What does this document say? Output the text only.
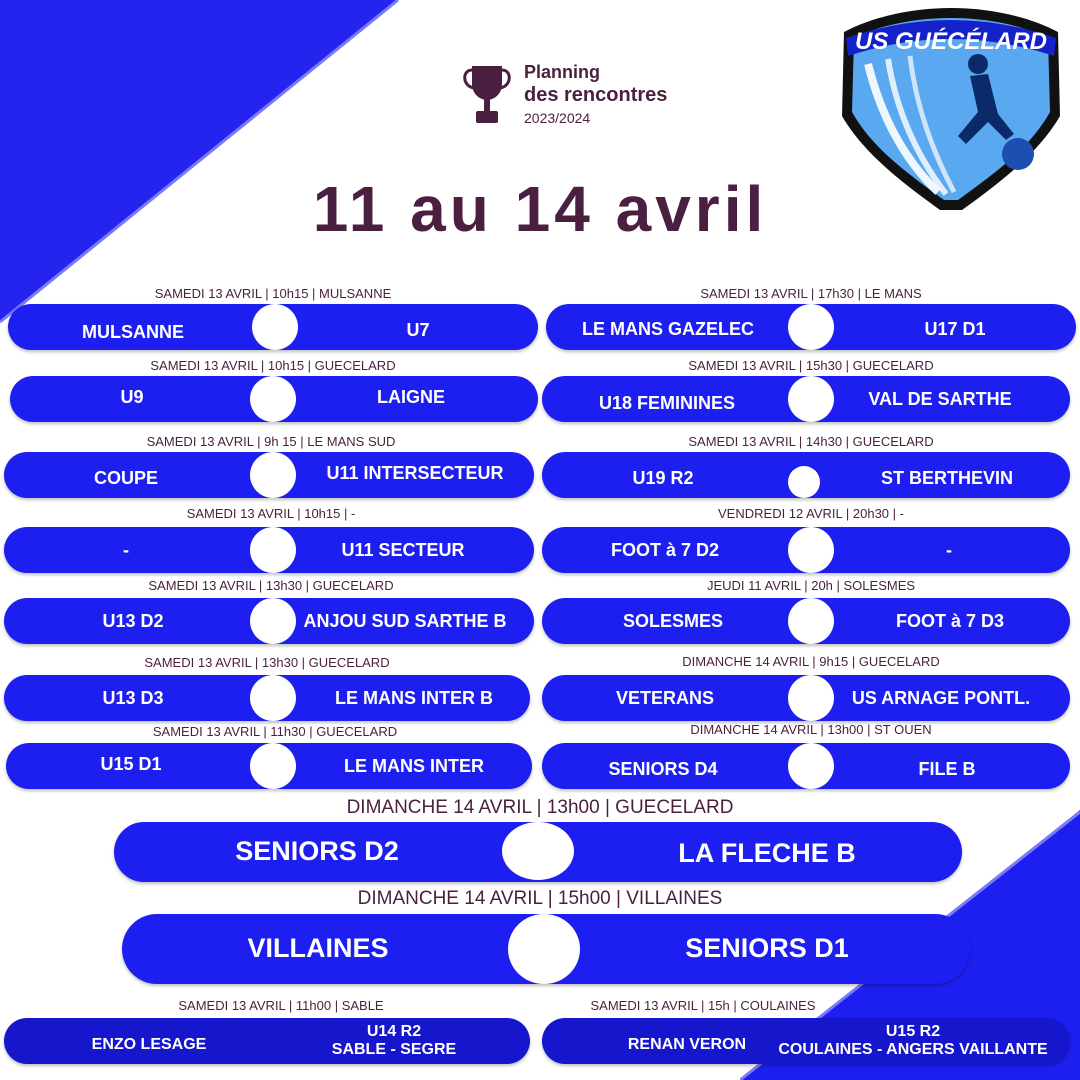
Planning
des rencontres
2023/2024
US GUÉCÉLARD
11 au 14 avril
SAMEDI 13 AVRIL | 10h15 | MULSANNE
MULSANNE	U7
SAMEDI 13 AVRIL | 17h30 | LE MANS
LE MANS GAZELEC	U17 D1
SAMEDI 13 AVRIL | 10h15 | GUECELARD
U9	LAIGNE
SAMEDI 13 AVRIL | 15h30 | GUECELARD
U18 FEMININES	VAL DE SARTHE
SAMEDI 13 AVRIL | 9h 15 | LE MANS SUD
COUPE	U11 INTERSECTEUR
SAMEDI 13 AVRIL | 14h30 | GUECELARD
U19 R2	ST BERTHEVIN
SAMEDI 13 AVRIL | 10h15 | -
-	U11 SECTEUR
VENDREDI 12 AVRIL | 20h30 | -
FOOT à 7 D2	-
SAMEDI 13 AVRIL | 13h30 | GUECELARD
U13 D2	ANJOU SUD SARTHE B
JEUDI 11 AVRIL | 20h | SOLESMES
SOLESMES	FOOT à 7 D3
SAMEDI 13 AVRIL | 13h30 | GUECELARD
U13 D3	LE MANS INTER B
DIMANCHE 14 AVRIL | 9h15 | GUECELARD
VETERANS	US ARNAGE PONTL.
SAMEDI 13 AVRIL | 11h30 | GUECELARD
U15 D1	LE MANS INTER
DIMANCHE 14 AVRIL | 13h00 | ST OUEN
SENIORS D4	FILE B
DIMANCHE 14 AVRIL | 13h00 | GUECELARD
SENIORS D2	LA FLECHE B
DIMANCHE 14 AVRIL | 15h00 | VILLAINES
VILLAINES	SENIORS D1
SAMEDI 13 AVRIL | 11h00 | SABLE
ENZO LESAGE
U14 R2
SABLE - SEGRE
SAMEDI 13 AVRIL | 15h | COULAINES
RENAN VERON
U15 R2
COULAINES - ANGERS VAILLANTE
